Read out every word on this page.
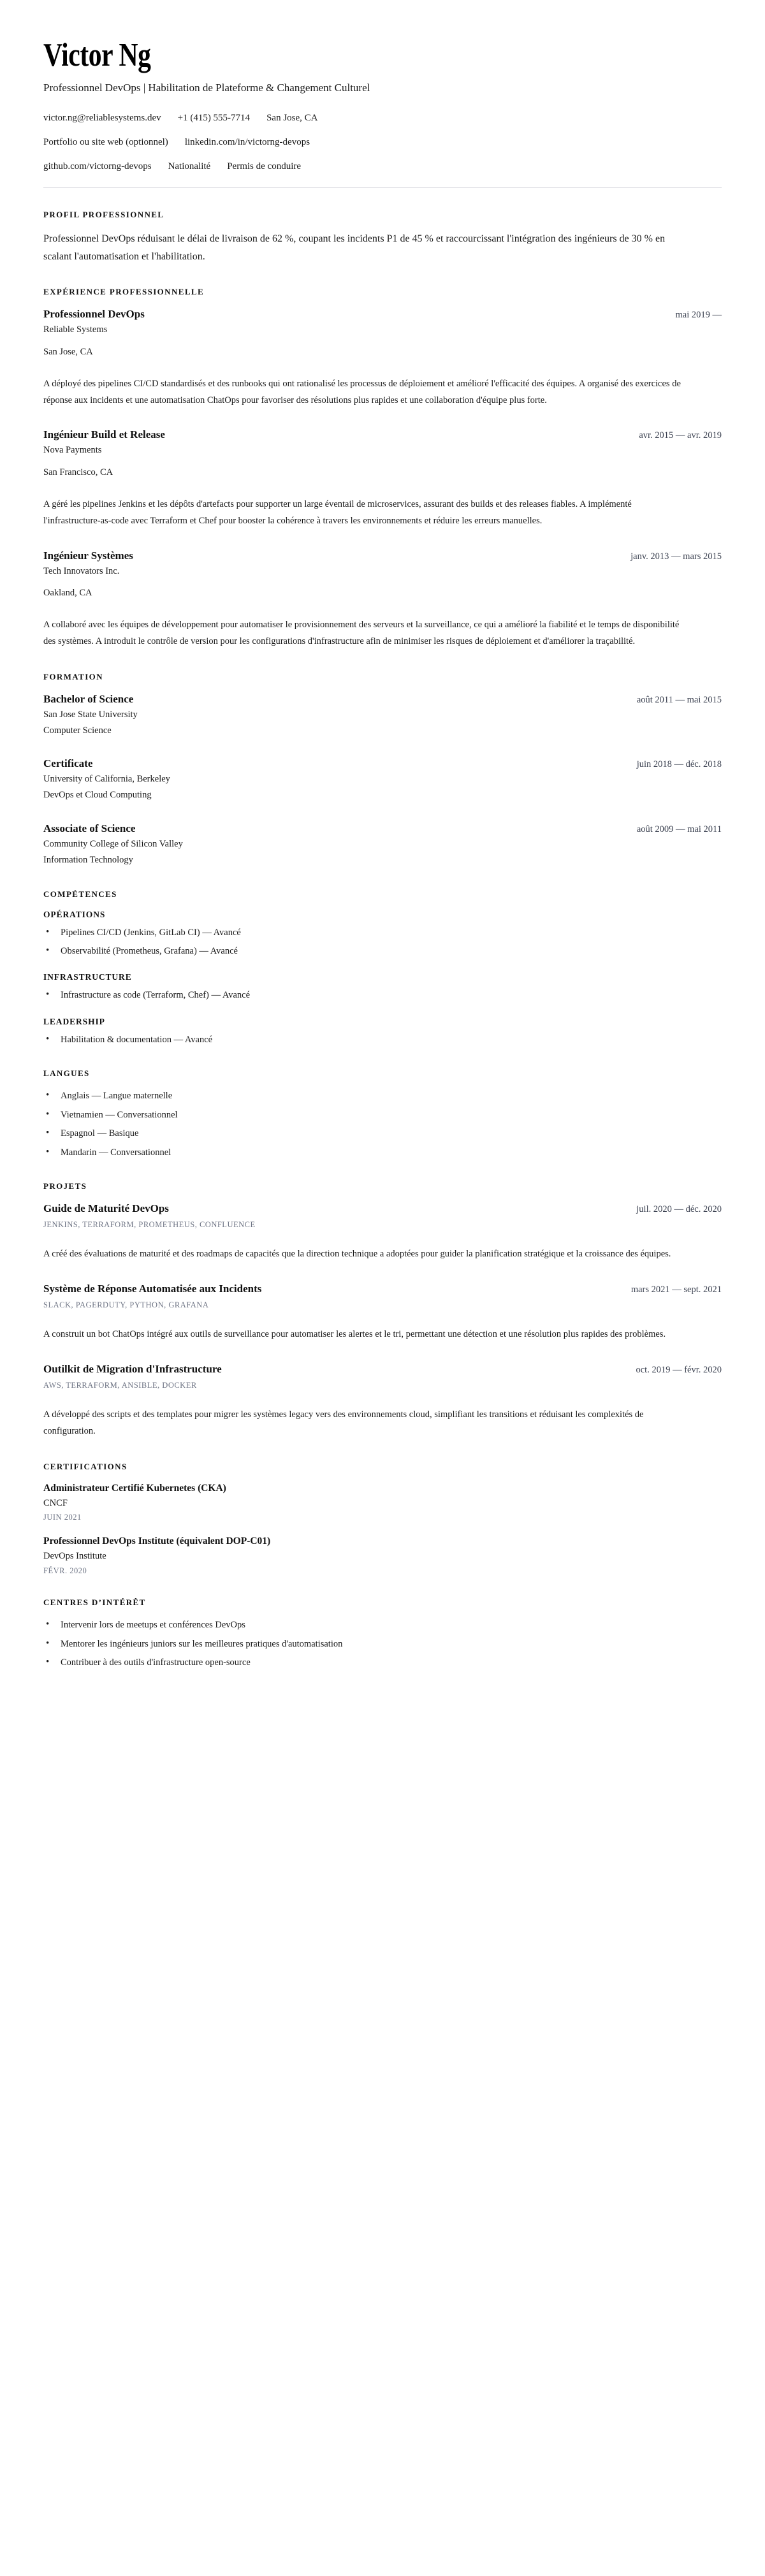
Victor Ng

Professionnel DevOps | Habilitation de Plateforme & Changement Culturel

victor.ng@reliablesystems.dev +1 (415) 555-7714 San Jose, CA
Portfolio ou site web (optionnel) linkedin.com/in/victorng-devops
github.com/victorng-devops Nationalité Permis de conduire
PROFIL PROFESSIONNEL

Professionnel DevOps réduisant le délai de livraison de 62 %, coupant les incidents P1 de 45 % et raccourcissant l'intégration des ingénieurs de 30 % en scalant l'automatisation et l'habilitation.

EXPÉRIENCE PROFESSIONNELLE
Professionnel DevOps	mai 2019 —

Reliable Systems

San Jose, CA

A déployé des pipelines CI/CD standardisés et des runbooks qui ont rationalisé les processus de déploiement et amélioré l'efficacité des équipes. A organisé des exercices de réponse aux incidents et une automatisation ChatOps pour favoriser des résolutions plus rapides et une collaboration d'équipe plus forte.

Ingénieur Build et Release	avr. 2015 — avr. 2019

Nova Payments

San Francisco, CA

A géré les pipelines Jenkins et les dépôts d'artefacts pour supporter un large éventail de microservices, assurant des builds et des releases fiables. A implémenté l'infrastructure-as-code avec Terraform et Chef pour booster la cohérence à travers les environnements et réduire les erreurs manuelles.

Ingénieur Systèmes	janv. 2013 — mars 2015

Tech Innovators Inc.

Oakland, CA

A collaboré avec les équipes de développement pour automatiser le provisionnement des serveurs et la surveillance, ce qui a amélioré la fiabilité et le temps de disponibilité des systèmes. A introduit le contrôle de version pour les configurations d'infrastructure afin de minimiser les risques de déploiement et d'améliorer la traçabilité.

FORMATION
Bachelor of Science	août 2011 — mai 2015

San Jose State University

Computer Science

Certificate	juin 2018 — déc. 2018

University of California, Berkeley

DevOps et Cloud Computing

Associate of Science	août 2009 — mai 2011

Community College of Silicon Valley

Information Technology

COMPÉTENCES
OPÉRATIONS
• Pipelines CI/CD (Jenkins, GitLab CI) — Avancé
• Observabilité (Prometheus, Grafana) — Avancé
INFRASTRUCTURE
• Infrastructure as code (Terraform, Chef) — Avancé
LEADERSHIP
• Habilitation & documentation — Avancé
LANGUES
• Anglais — Langue maternelle
• Vietnamien — Conversationnel
• Espagnol — Basique
• Mandarin — Conversationnel
PROJETS
Guide de Maturité DevOps	juil. 2020 — déc. 2020

JENKINS, TERRAFORM, PROMETHEUS, CONFLUENCE

A créé des évaluations de maturité et des roadmaps de capacités que la direction technique a adoptées pour guider la planification stratégique et la croissance des équipes.

Système de Réponse Automatisée aux Incidents	mars 2021 — sept. 2021

SLACK, PAGERDUTY, PYTHON, GRAFANA

A construit un bot ChatOps intégré aux outils de surveillance pour automatiser les alertes et le tri, permettant une détection et une résolution plus rapides des problèmes.

Outilkit de Migration d'Infrastructure	oct. 2019 — févr. 2020

AWS, TERRAFORM, ANSIBLE, DOCKER

A développé des scripts et des templates pour migrer les systèmes legacy vers des environnements cloud, simplifiant les transitions et réduisant les complexités de configuration.

CERTIFICATIONS
Administrateur Certifié Kubernetes (CKA)

CNCF

JUIN 2021

Professionnel DevOps Institute (équivalent DOP-C01)

DevOps Institute

FÉVR. 2020

CENTRES D’INTÉRÊT
• Intervenir lors de meetups et conférences DevOps
• Mentorer les ingénieurs juniors sur les meilleures pratiques d'automatisation
• Contribuer à des outils d'infrastructure open-source
